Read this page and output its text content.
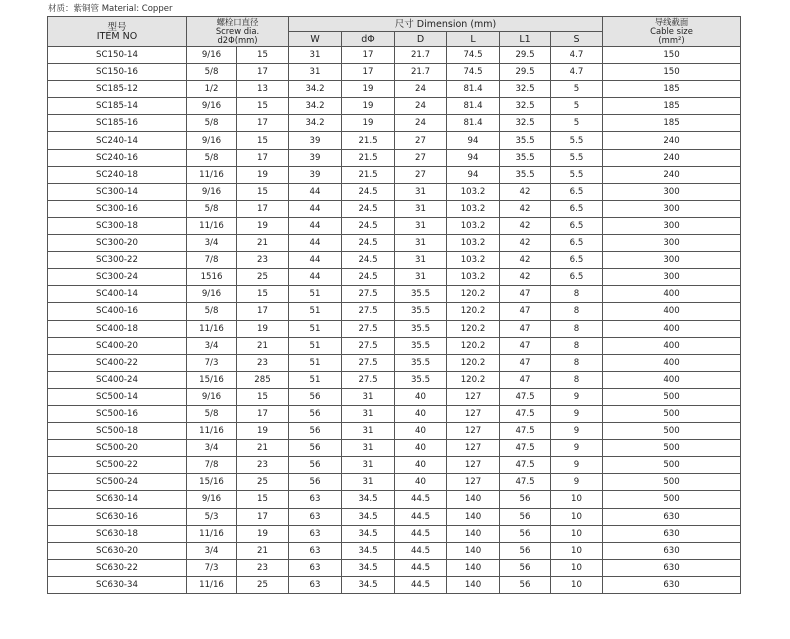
材质：紫铜管 Material: Copper
型号
ITEM NO	螺栓口直径
Screw dia.
d2Φ(mm)		尺寸 Dimension (mm)						导线截面
Cable size
(mm²)

			W	dΦ	D	L	L1	S	
SC150-14	9/16	15	31	17	21.7	74.5	29.5	4.7	150
SC150-16	5/8	17	31	17	21.7	74.5	29.5	4.7	150
SC185-12	1/2	13	34.2	19	24	81.4	32.5	5	185
SC185-14	9/16	15	34.2	19	24	81.4	32.5	5	185
SC185-16	5/8	17	34.2	19	24	81.4	32.5	5	185
SC240-14	9/16	15	39	21.5	27	94	35.5	5.5	240
SC240-16	5/8	17	39	21.5	27	94	35.5	5.5	240
SC240-18	11/16	19	39	21.5	27	94	35.5	5.5	240
SC300-14	9/16	15	44	24.5	31	103.2	42	6.5	300
SC300-16	5/8	17	44	24.5	31	103.2	42	6.5	300
SC300-18	11/16	19	44	24.5	31	103.2	42	6.5	300
SC300-20	3/4	21	44	24.5	31	103.2	42	6.5	300
SC300-22	7/8	23	44	24.5	31	103.2	42	6.5	300
SC300-24	1516	25	44	24.5	31	103.2	42	6.5	300
SC400-14	9/16	15	51	27.5	35.5	120.2	47	8	400
SC400-16	5/8	17	51	27.5	35.5	120.2	47	8	400
SC400-18	11/16	19	51	27.5	35.5	120.2	47	8	400
SC400-20	3/4	21	51	27.5	35.5	120.2	47	8	400
SC400-22	7/3	23	51	27.5	35.5	120.2	47	8	400
SC400-24	15/16	285	51	27.5	35.5	120.2	47	8	400
SC500-14	9/16	15	56	31	40	127	47.5	9	500
SC500-16	5/8	17	56	31	40	127	47.5	9	500
SC500-18	11/16	19	56	31	40	127	47.5	9	500
SC500-20	3/4	21	56	31	40	127	47.5	9	500
SC500-22	7/8	23	56	31	40	127	47.5	9	500
SC500-24	15/16	25	56	31	40	127	47.5	9	500
SC630-14	9/16	15	63	34.5	44.5	140	56	10	500
SC630-16	5/3	17	63	34.5	44.5	140	56	10	630
SC630-18	11/16	19	63	34.5	44.5	140	56	10	630
SC630-20	3/4	21	63	34.5	44.5	140	56	10	630
SC630-22	7/3	23	63	34.5	44.5	140	56	10	630
SC630-34	11/16	25	63	34.5	44.5	140	56	10	630
